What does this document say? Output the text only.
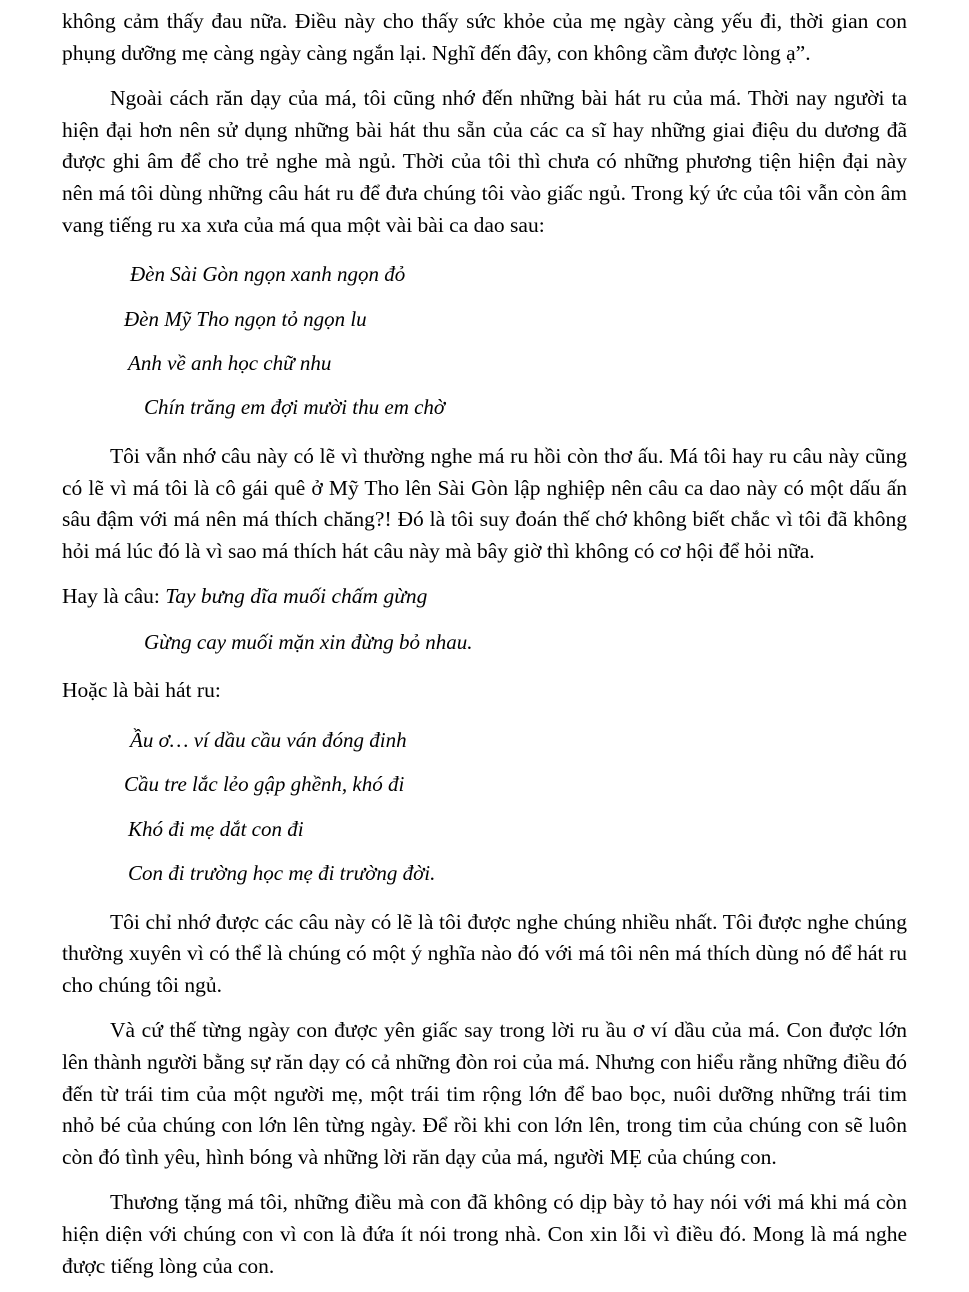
không cảm thấy đau nữa. Điều này cho thấy sức khỏe của mẹ ngày càng yếu đi, thời gian con phụng dưỡng mẹ càng ngày càng ngắn lại. Nghĩ đến đây, con không cầm được lòng ạ”.

Ngoài cách răn dạy của má, tôi cũng nhớ đến những bài hát ru của má. Thời nay người ta hiện đại hơn nên sử dụng những bài hát thu sẵn của các ca sĩ hay những giai điệu du dương đã được ghi âm để cho trẻ nghe mà ngủ. Thời của tôi thì chưa có những phương tiện hiện đại này nên má tôi dùng những câu hát ru để đưa chúng tôi vào giấc ngủ. Trong ký ức của tôi vẫn còn âm vang tiếng ru xa xưa của má qua một vài bài ca dao sau:

Đèn Sài Gòn ngọn xanh ngọn đỏ

Đèn Mỹ Tho ngọn tỏ ngọn lu

Anh về anh học chữ nhu

Chín trăng em đợi mười thu em chờ

Tôi vẫn nhớ câu này có lẽ vì thường nghe má ru hồi còn thơ ấu. Má tôi hay ru câu này cũng có lẽ vì má tôi là cô gái quê ở Mỹ Tho lên Sài Gòn lập nghiệp nên câu ca dao này có một dấu ấn sâu đậm với má nên má thích chăng?! Đó là tôi suy đoán thế chớ không biết chắc vì tôi đã không hỏi má lúc đó là vì sao má thích hát câu này mà bây giờ thì không có cơ hội để hỏi nữa.

Hay là câu: Tay bưng dĩa muối chấm gừng

Gừng cay muối mặn xin đừng bỏ nhau.

Hoặc là bài hát ru:

Ầu ơ… ví dầu cầu ván đóng đinh

Cầu tre lắc lẻo gập ghềnh, khó đi

Khó đi mẹ dắt con đi

Con đi trường học mẹ đi trường đời.

Tôi chỉ nhớ được các câu này có lẽ là tôi được nghe chúng nhiều nhất. Tôi được nghe chúng thường xuyên vì có thể là chúng có một ý nghĩa nào đó với má tôi nên má thích dùng nó để hát ru cho chúng tôi ngủ.

Và cứ thế từng ngày con được yên giấc say trong lời ru ầu ơ ví dầu của má. Con được lớn lên thành người bằng sự răn dạy có cả những đòn roi của má. Nhưng con hiểu rằng những điều đó đến từ trái tim của một người mẹ, một trái tim rộng lớn để bao bọc, nuôi dưỡng những trái tim nhỏ bé của chúng con lớn lên từng ngày. Để rồi khi con lớn lên, trong tim của chúng con sẽ luôn còn đó tình yêu, hình bóng và những lời răn dạy của má, người MẸ của chúng con.

Thương tặng má tôi, những điều mà con đã không có dịp bày tỏ hay nói với má khi má còn hiện diện với chúng con vì con là đứa ít nói trong nhà. Con xin lỗi vì điều đó. Mong là má nghe được tiếng lòng của con.
